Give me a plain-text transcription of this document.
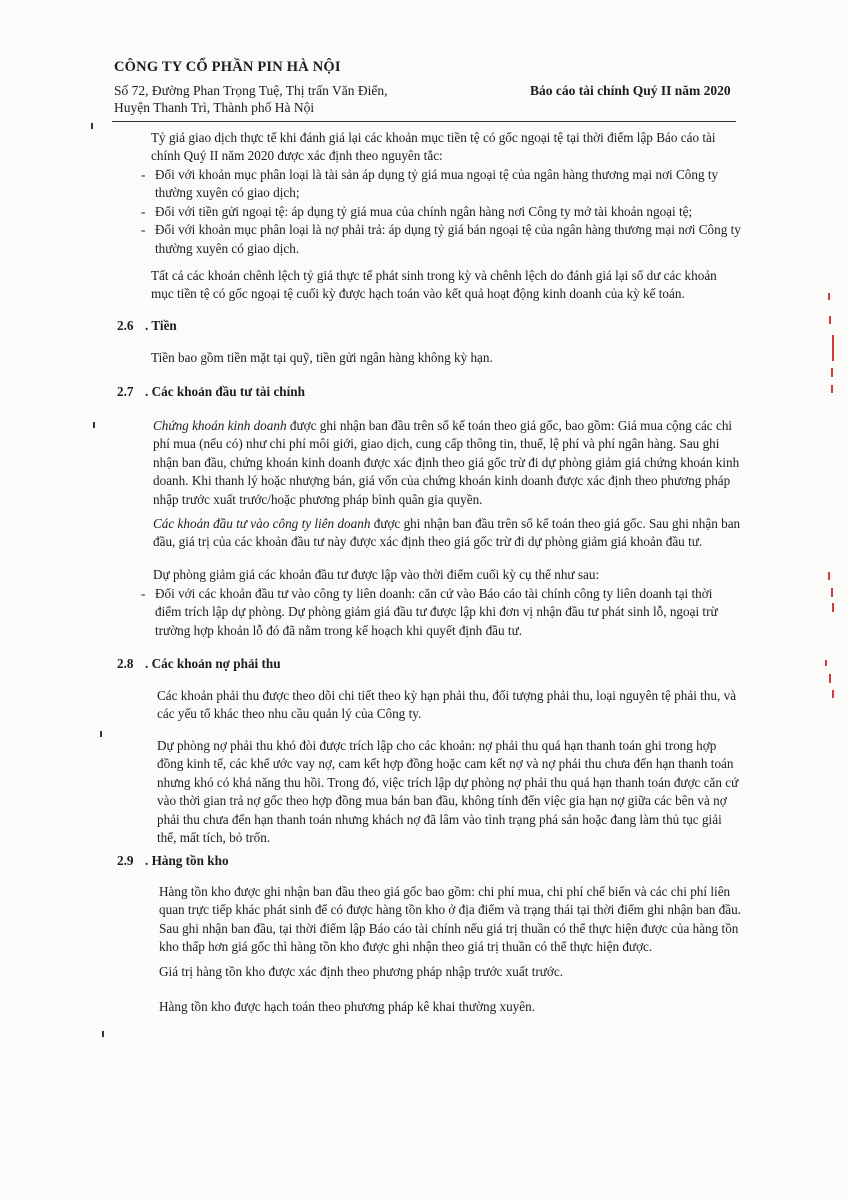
CÔNG TY CỔ PHẦN PIN HÀ NỘI
Số 72, Đường Phan Trọng Tuệ, Thị trấn Văn Điển,
Huyện Thanh Trì, Thành phố Hà Nội
Báo cáo tài chính Quý II năm 2020
Tỷ giá giao dịch thực tế khi đánh giá lại các khoản mục tiền tệ có gốc ngoại tệ tại thời điểm lập Báo cáo tài chính Quý II năm 2020 được xác định theo nguyên tắc:
- Đối với khoản mục phân loại là tài sản áp dụng tỷ giá mua ngoại tệ của ngân hàng thương mại nơi Công ty thường xuyên có giao dịch;
- Đối với tiền gửi ngoại tệ: áp dụng tỷ giá mua của chính ngân hàng nơi Công ty mở tài khoản ngoại tệ;
- Đối với khoản mục phân loại là nợ phải trả: áp dụng tỷ giá bán ngoại tệ của ngân hàng thương mại nơi Công ty thường xuyên có giao dịch.
Tất cả các khoản chênh lệch tỷ giá thực tế phát sinh trong kỳ và chênh lệch do đánh giá lại số dư các khoản mục tiền tệ có gốc ngoại tệ cuối kỳ được hạch toán vào kết quả hoạt động kinh doanh của kỳ kế toán.
2.6 . Tiền
Tiền bao gồm tiền mặt tại quỹ, tiền gửi ngân hàng không kỳ hạn.
2.7 . Các khoản đầu tư tài chính
Chứng khoán kinh doanh được ghi nhận ban đầu trên sổ kế toán theo giá gốc, bao gồm: Giá mua cộng các chi phí mua (nếu có) như chi phí môi giới, giao dịch, cung cấp thông tin, thuế, lệ phí và phí ngân hàng. Sau ghi nhận ban đầu, chứng khoán kinh doanh được xác định theo giá gốc trừ đi dự phòng giảm giá chứng khoán kinh doanh. Khi thanh lý hoặc nhượng bán, giá vốn của chứng khoán kinh doanh được xác định theo phương pháp nhập trước xuất trước/hoặc phương pháp bình quân gia quyền.
Các khoản đầu tư vào công ty liên doanh được ghi nhận ban đầu trên sổ kế toán theo giá gốc. Sau ghi nhận ban đầu, giá trị của các khoản đầu tư này được xác định theo giá gốc trừ đi dự phòng giảm giá khoản đầu tư.
Dự phòng giảm giá các khoản đầu tư được lập vào thời điểm cuối kỳ cụ thể như sau:
- Đối với các khoản đầu tư vào công ty liên doanh: căn cứ vào Báo cáo tài chính công ty liên doanh tại thời điểm trích lập dự phòng. Dự phòng giảm giá đầu tư được lập khi đơn vị nhận đầu tư phát sinh lỗ, ngoại trừ trường hợp khoản lỗ đó đã nằm trong kế hoạch khi quyết định đầu tư.
2.8 . Các khoản nợ phải thu
Các khoản phải thu được theo dõi chi tiết theo kỳ hạn phải thu, đối tượng phải thu, loại nguyên tệ phải thu, và các yếu tố khác theo nhu cầu quản lý của Công ty.
Dự phòng nợ phải thu khó đòi được trích lập cho các khoản: nợ phải thu quá hạn thanh toán ghi trong hợp đồng kinh tế, các khế ước vay nợ, cam kết hợp đồng hoặc cam kết nợ và nợ phải thu chưa đến hạn thanh toán nhưng khó có khả năng thu hồi. Trong đó, việc trích lập dự phòng nợ phải thu quá hạn thanh toán được căn cứ vào thời gian trả nợ gốc theo hợp đồng mua bán ban đầu, không tính đến việc gia hạn nợ giữa các bên và nợ phải thu chưa đến hạn thanh toán nhưng khách nợ đã lâm vào tình trạng phá sản hoặc đang làm thủ tục giải thể, mất tích, bỏ trốn.
2.9 . Hàng tồn kho
Hàng tồn kho được ghi nhận ban đầu theo giá gốc bao gồm: chi phí mua, chi phí chế biến và các chi phí liên quan trực tiếp khác phát sinh để có được hàng tồn kho ở địa điểm và trạng thái tại thời điểm ghi nhận ban đầu. Sau ghi nhận ban đầu, tại thời điểm lập Báo cáo tài chính nếu giá trị thuần có thể thực hiện được của hàng tồn kho thấp hơn giá gốc thì hàng tồn kho được ghi nhận theo giá trị thuần có thể thực hiện được.
Giá trị hàng tồn kho được xác định theo phương pháp nhập trước xuất trước.
Hàng tồn kho được hạch toán theo phương pháp kê khai thường xuyên.
